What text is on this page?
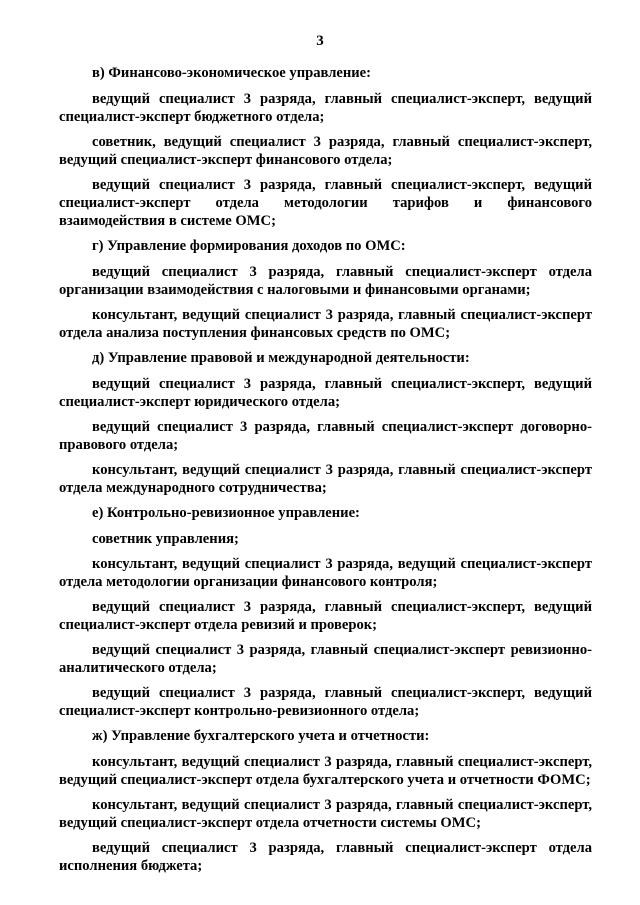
3

в) Финансово-экономическое управление:

ведущий специалист 3 разряда, главный специалист-эксперт, ведущий специалист-эксперт бюджетного отдела;

советник, ведущий специалист 3 разряда, главный специалист-эксперт, ведущий специалист-эксперт финансового отдела;

ведущий специалист 3 разряда, главный специалист-эксперт, ведущий специалист-эксперт отдела методологии тарифов и финансового взаимодействия в системе ОМС;

г) Управление формирования доходов по ОМС:

ведущий специалист 3 разряда, главный специалист-эксперт отдела организации взаимодействия с налоговыми и финансовыми органами;

консультант, ведущий специалист 3 разряда, главный специалист-эксперт отдела анализа поступления финансовых средств по ОМС;

д) Управление правовой и международной деятельности:

ведущий специалист 3 разряда, главный специалист-эксперт, ведущий специалист-эксперт юридического отдела;

ведущий специалист 3 разряда, главный специалист-эксперт договорно-правового отдела;

консультант, ведущий специалист 3 разряда, главный специалист-эксперт отдела международного сотрудничества;

е) Контрольно-ревизионное управление:

советник управления;

консультант, ведущий специалист 3 разряда, ведущий специалист-эксперт отдела методологии организации финансового контроля;

ведущий специалист 3 разряда, главный специалист-эксперт, ведущий специалист-эксперт отдела ревизий и проверок;

ведущий специалист 3 разряда, главный специалист-эксперт ревизионно-аналитического отдела;

ведущий специалист 3 разряда, главный специалист-эксперт, ведущий специалист-эксперт контрольно-ревизионного отдела;

ж) Управление бухгалтерского учета и отчетности:

консультант, ведущий специалист 3 разряда, главный специалист-эксперт, ведущий специалист-эксперт отдела бухгалтерского учета и отчетности ФОМС;

консультант, ведущий специалист 3 разряда, главный специалист-эксперт, ведущий специалист-эксперт отдела отчетности системы ОМС;

ведущий специалист 3 разряда, главный специалист-эксперт отдела исполнения бюджета;
